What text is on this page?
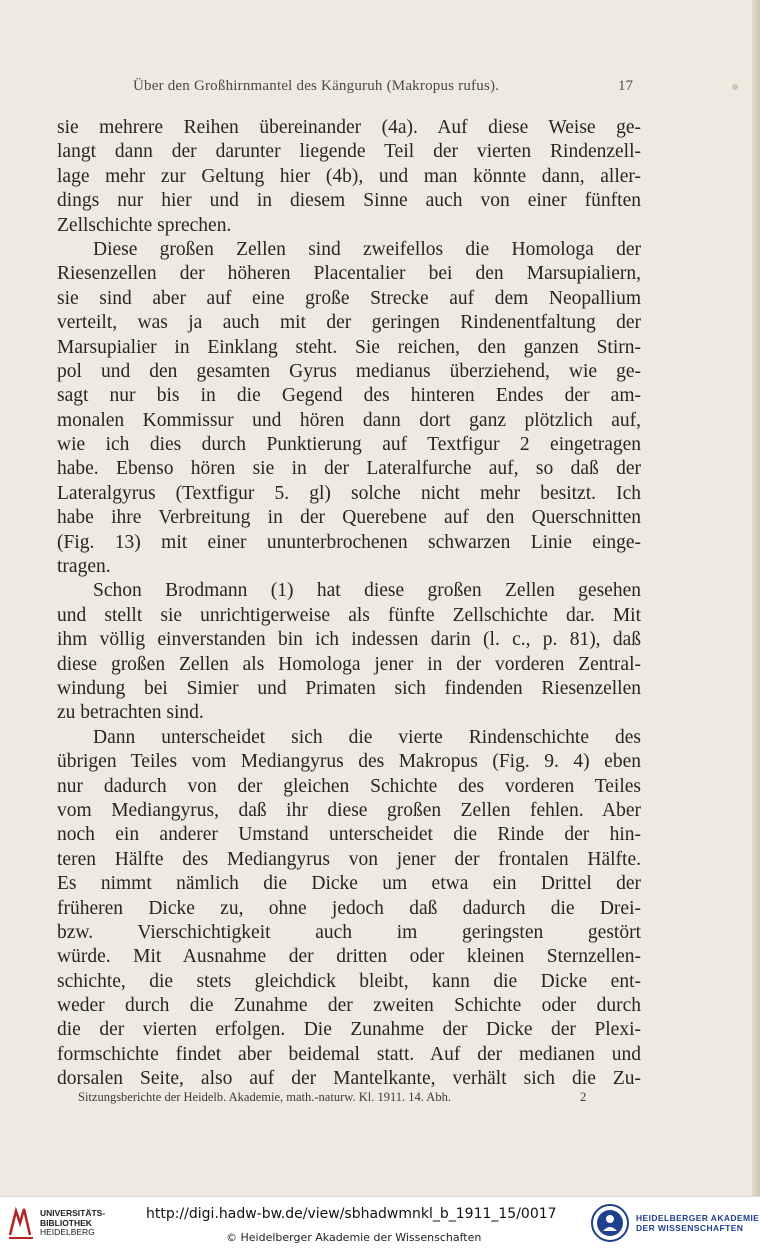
Über den Großhirnmantel des Känguruh (Makropus rufus).	17
sie mehrere Reihen übereinander (4a). Auf diese Weise ge-
langt dann der darunter liegende Teil der vierten Rindenzell-
lage mehr zur Geltung hier (4b), und man könnte dann, aller-
dings nur hier und in diesem Sinne auch von einer fünften
Zellschichte sprechen.
Diese großen Zellen sind zweifellos die Homologa der
Riesenzellen der höheren Placentalier bei den Marsupialiern,
sie sind aber auf eine große Strecke auf dem Neopallium
verteilt, was ja auch mit der geringen Rindenentfaltung der
Marsupialier in Einklang steht. Sie reichen, den ganzen Stirn-
pol und den gesamten Gyrus medianus überziehend, wie ge-
sagt nur bis in die Gegend des hinteren Endes der am-
monalen Kommissur und hören dann dort ganz plötzlich auf,
wie ich dies durch Punktierung auf Textfigur 2 eingetragen
habe. Ebenso hören sie in der Lateralfurche auf, so daß der
Lateralgyrus (Textfigur 5. gl) solche nicht mehr besitzt. Ich
habe ihre Verbreitung in der Querebene auf den Querschnitten
(Fig. 13) mit einer ununterbrochenen schwarzen Linie einge-
tragen.
Schon Brodmann (1) hat diese großen Zellen gesehen
und stellt sie unrichtigerweise als fünfte Zellschichte dar. Mit
ihm völlig einverstanden bin ich indessen darin (l. c., p. 81), daß
diese großen Zellen als Homologa jener in der vorderen Zentral-
windung bei Simier und Primaten sich findenden Riesenzellen
zu betrachten sind.
Dann unterscheidet sich die vierte Rindenschichte des
übrigen Teiles vom Mediangyrus des Makropus (Fig. 9. 4) eben
nur dadurch von der gleichen Schichte des vorderen Teiles
vom Mediangyrus, daß ihr diese großen Zellen fehlen. Aber
noch ein anderer Umstand unterscheidet die Rinde der hin-
teren Hälfte des Mediangyrus von jener der frontalen Hälfte.
Es nimmt nämlich die Dicke um etwa ein Drittel der
früheren Dicke zu, ohne jedoch daß dadurch die Drei-
bzw. Vierschichtigkeit auch im geringsten gestört
würde. Mit Ausnahme der dritten oder kleinen Sternzellen-
schichte, die stets gleichdick bleibt, kann die Dicke ent-
weder durch die Zunahme der zweiten Schichte oder durch
die der vierten erfolgen. Die Zunahme der Dicke der Plexi-
formschichte findet aber beidemal statt. Auf der medianen und
dorsalen Seite, also auf der Mantelkante, verhält sich die Zu-
Sitzungsberichte der Heidelb. Akademie, math.-naturw. Kl. 1911. 14. Abh.	2
UNIVERSITÄTS-
BIBLIOTHEK
HEIDELBERG
http://digi.hadw-bw.de/view/sbhadwmnkl_b_1911_15/0017
© Heidelberger Akademie der Wissenschaften
HEIDELBERGER AKADEMIE
DER WISSENSCHAFTEN
